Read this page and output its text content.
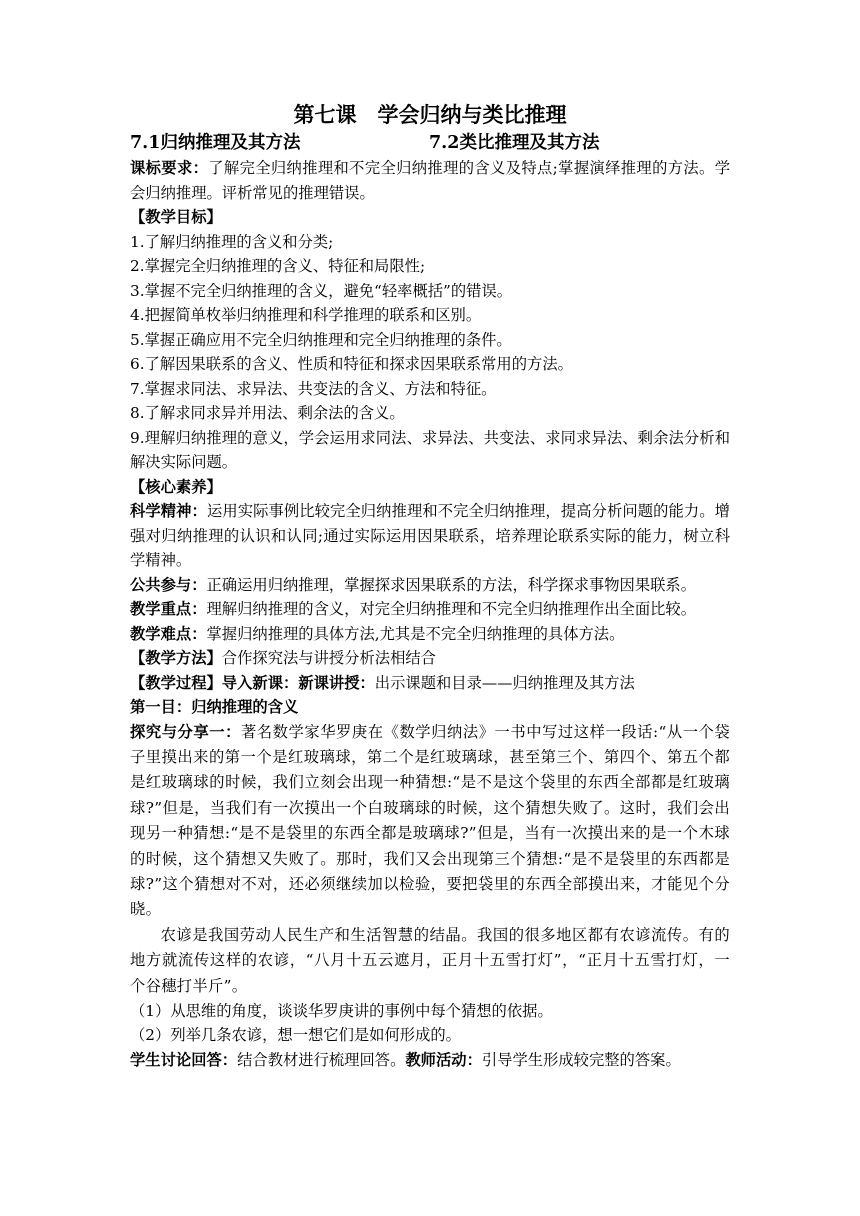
第七课　学会归纳与类比推理
7.1归纳推理及其方法	7.2类比推理及其方法

课标要求：了解完全归纳推理和不完全归纳推理的含义及特点;掌握演绎推理的方法。学会归纳推理。评析常见的推理错误。

【教学目标】

1.了解归纳推理的含义和分类;

2.掌握完全归纳推理的含义、特征和局限性;

3.掌握不完全归纳推理的含义，避免“轻率概括”的错误。

4.把握简单枚举归纳推理和科学推理的联系和区别。

5.掌握正确应用不完全归纳推理和完全归纳推理的条件。

6.了解因果联系的含义、性质和特征和探求因果联系常用的方法。

7.掌握求同法、求异法、共变法的含义、方法和特征。

8.了解求同求异并用法、剩余法的含义。

9.理解归纳推理的意义，学会运用求同法、求异法、共变法、求同求异法、剩余法分析和解决实际问题。

【核心素养】

科学精神：运用实际事例比较完全归纳推理和不完全归纳推理，提高分析问题的能力。增强对归纳推理的认识和认同;通过实际运用因果联系，培养理论联系实际的能力，树立科学精神。

公共参与：正确运用归纳推理，掌握探求因果联系的方法，科学探求事物因果联系。

教学重点：理解归纳推理的含义，对完全归纳推理和不完全归纳推理作出全面比较。

教学难点：掌握归纳推理的具体方法,尤其是不完全归纳推理的具体方法。

【教学方法】合作探究法与讲授分析法相结合

【教学过程】导入新课：新课讲授：出示课题和目录——归纳推理及其方法

第一目：归纳推理的含义

探究与分享一：著名数学家华罗庚在《数学归纳法》一书中写过这样一段话:“从一个袋子里摸出来的第一个是红玻璃球，第二个是红玻璃球，甚至第三个、第四个、第五个都是红玻璃球的时候，我们立刻会出现一种猜想:“是不是这个袋里的东西全部都是红玻璃球?”但是，当我们有一次摸出一个白玻璃球的时候，这个猜想失败了。这时，我们会出现另一种猜想:“是不是袋里的东西全都是玻璃球?”但是，当有一次摸出来的是一个木球的时候，这个猜想又失败了。那时，我们又会出现第三个猜想:“是不是袋里的东西都是球?”这个猜想对不对，还必须继续加以检验，要把袋里的东西全部摸出来，才能见个分晓。

农谚是我国劳动人民生产和生活智慧的结晶。我国的很多地区都有农谚流传。有的地方就流传这样的农谚，“八月十五云遮月，正月十五雪打灯”，“正月十五雪打灯，一个谷穗打半斤”。

（1）从思维的角度，谈谈华罗庚讲的事例中每个猜想的依据。

（2）列举几条农谚，想一想它们是如何形成的。

学生讨论回答：结合教材进行梳理回答。教师活动：引导学生形成较完整的答案。
